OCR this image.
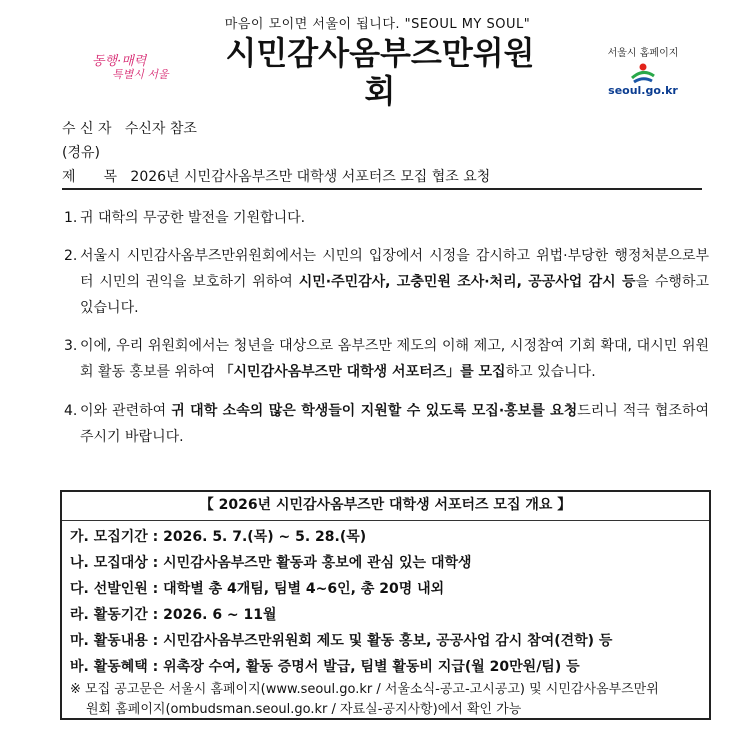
마음이 모이면 서울이 됩니다. "SEOUL MY SOUL"
동행·매력
특별시 서울
시민감사옴부즈만위원회
서울시 홈페이지
seoul.go.kr
수 신 자 수신자 참조
(경유)
제　　목 2026년 시민감사옴부즈만 대학생 서포터즈 모집 협조 요청
1. 귀 대학의 무궁한 발전을 기원합니다.
2. 서울시 시민감사옴부즈만위원회에서는 시민의 입장에서 시정을 감시하고 위법·부당한 행정처분으로부터 시민의 권익을 보호하기 위하여 시민·주민감사, 고충민원 조사·처리, 공공사업 감시 등을 수행하고 있습니다.
3. 이에, 우리 위원회에서는 청년을 대상으로 옴부즈만 제도의 이해 제고, 시정참여 기회 확대, 대시민 위원회 활동 홍보를 위하여 「시민감사옴부즈만 대학생 서포터즈」를 모집하고 있습니다.
4. 이와 관련하여 귀 대학 소속의 많은 학생들이 지원할 수 있도록 모집·홍보를 요청드리니 적극 협조하여 주시기 바랍니다.
【 2026년 시민감사옴부즈만 대학생 서포터즈 모집 개요 】
가. 모집기간 : 2026. 5. 7.(목) ~ 5. 28.(목)
나. 모집대상 : 시민감사옴부즈만 활동과 홍보에 관심 있는 대학생
다. 선발인원 : 대학별 총 4개팀, 팀별 4~6인, 총 20명 내외
라. 활동기간 : 2026. 6 ~ 11월
마. 활동내용 : 시민감사옴부즈만위원회 제도 및 활동 홍보, 공공사업 감시 참여(견학) 등
바. 활동혜택 : 위촉장 수여, 활동 증명서 발급, 팀별 활동비 지급(월 20만원/팀) 등
※ 모집 공고문은 서울시 홈페이지(www.seoul.go.kr / 서울소식-공고-고시공고) 및 시민감사옴부즈만위
원회 홈페이지(ombudsman.seoul.go.kr / 자료실-공지사항)에서 확인 가능
